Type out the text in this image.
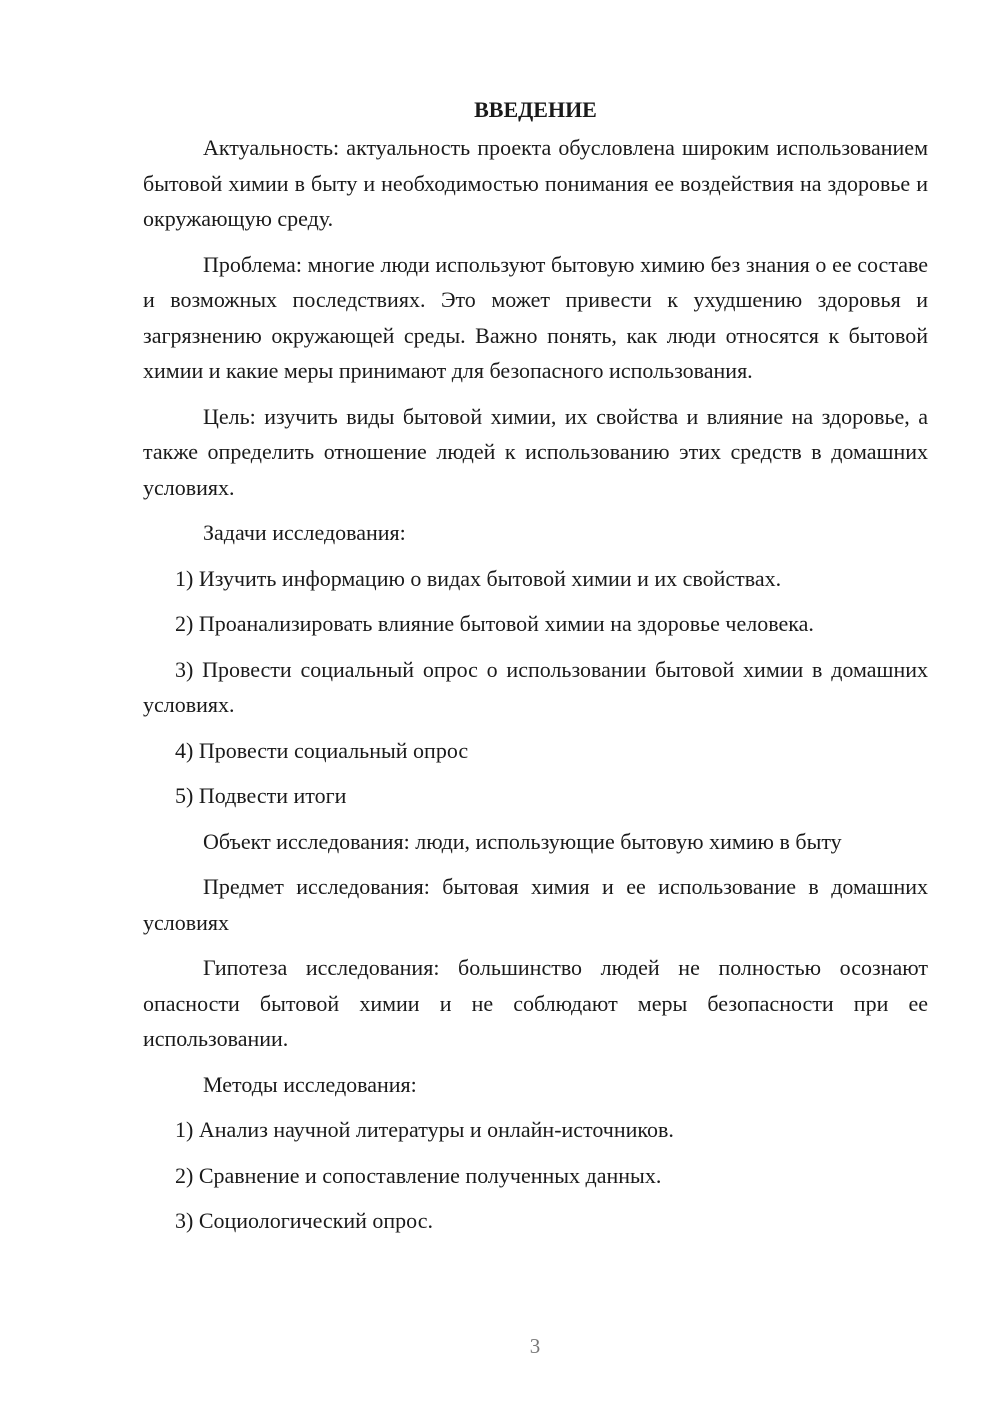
ВВЕДЕНИЕ

Актуальность: актуальность проекта обусловлена широким использованием бытовой химии в быту и необходимостью понимания ее воздействия на здоровье и окружающую среду.

Проблема: многие люди используют бытовую химию без знания о ее составе и возможных последствиях. Это может привести к ухудшению здоровья и загрязнению окружающей среды. Важно понять, как люди относятся к бытовой химии и какие меры принимают для безопасного использования.

Цель: изучить виды бытовой химии, их свойства и влияние на здоровье, а также определить отношение людей к использованию этих средств в домашних условиях.

Задачи исследования:

1) Изучить информацию о видах бытовой химии и их свойствах.

2) Проанализировать влияние бытовой химии на здоровье человека.

3) Провести социальный опрос о использовании бытовой химии в домашних условиях.

4) Провести социальный опрос

5) Подвести итоги

Объект исследования: люди, использующие бытовую химию в быту

Предмет исследования: бытовая химия и ее использование в домашних условиях

Гипотеза исследования: большинство людей не полностью осознают опасности бытовой химии и не соблюдают меры безопасности при ее использовании.

Методы исследования:

1) Анализ научной литературы и онлайн-источников.

2) Сравнение и сопоставление полученных данных.

3) Социологический опрос.

3
